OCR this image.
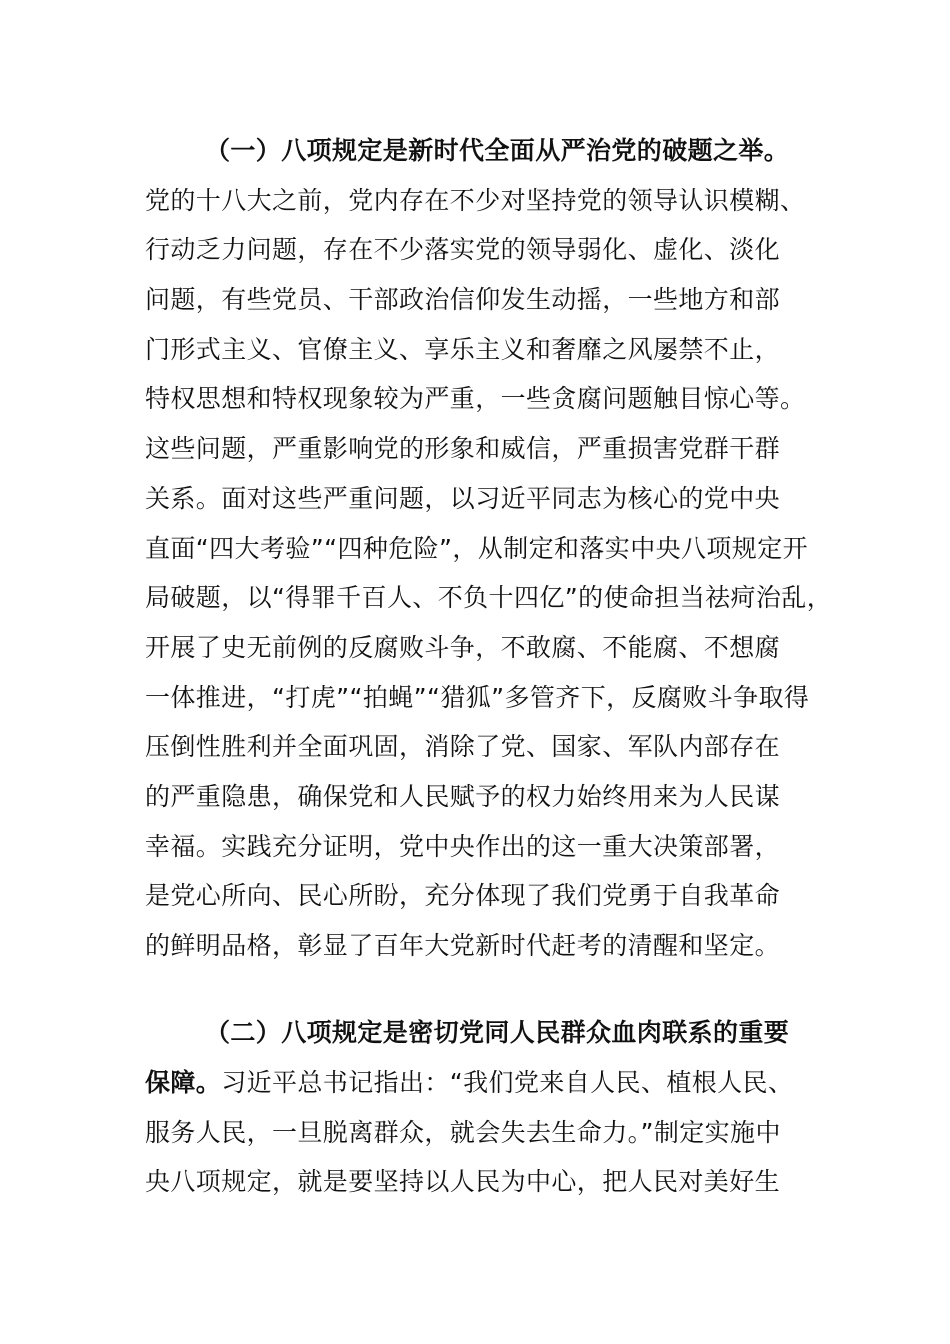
（一）八项规定是新时代全面从严治党的破题之举。
党的十八大之前，党内存在不少对坚持党的领导认识模糊、
行动乏力问题，存在不少落实党的领导弱化、虚化、淡化
问题，有些党员、干部政治信仰发生动摇，一些地方和部
门形式主义、官僚主义、享乐主义和奢靡之风屡禁不止，
特权思想和特权现象较为严重，一些贪腐问题触目惊心等。
这些问题，严重影响党的形象和威信，严重损害党群干群
关系。面对这些严重问题，以习近平同志为核心的党中央
直面“四大考验”“四种危险”，从制定和落实中央八项规定开
局破题，以“得罪千百人、不负十四亿”的使命担当祛疴治乱，
开展了史无前例的反腐败斗争，不敢腐、不能腐、不想腐
一体推进，“打虎”“拍蝇”“猎狐”多管齐下，反腐败斗争取得
压倒性胜利并全面巩固，消除了党、国家、军队内部存在
的严重隐患，确保党和人民赋予的权力始终用来为人民谋
幸福。实践充分证明，党中央作出的这一重大决策部署，
是党心所向、民心所盼，充分体现了我们党勇于自我革命
的鲜明品格，彰显了百年大党新时代赶考的清醒和坚定。
（二）八项规定是密切党同人民群众血肉联系的重要
保障。习近平总书记指出：“我们党来自人民、植根人民、
服务人民，一旦脱离群众，就会失去生命力。”制定实施中
央八项规定，就是要坚持以人民为中心，把人民对美好生
